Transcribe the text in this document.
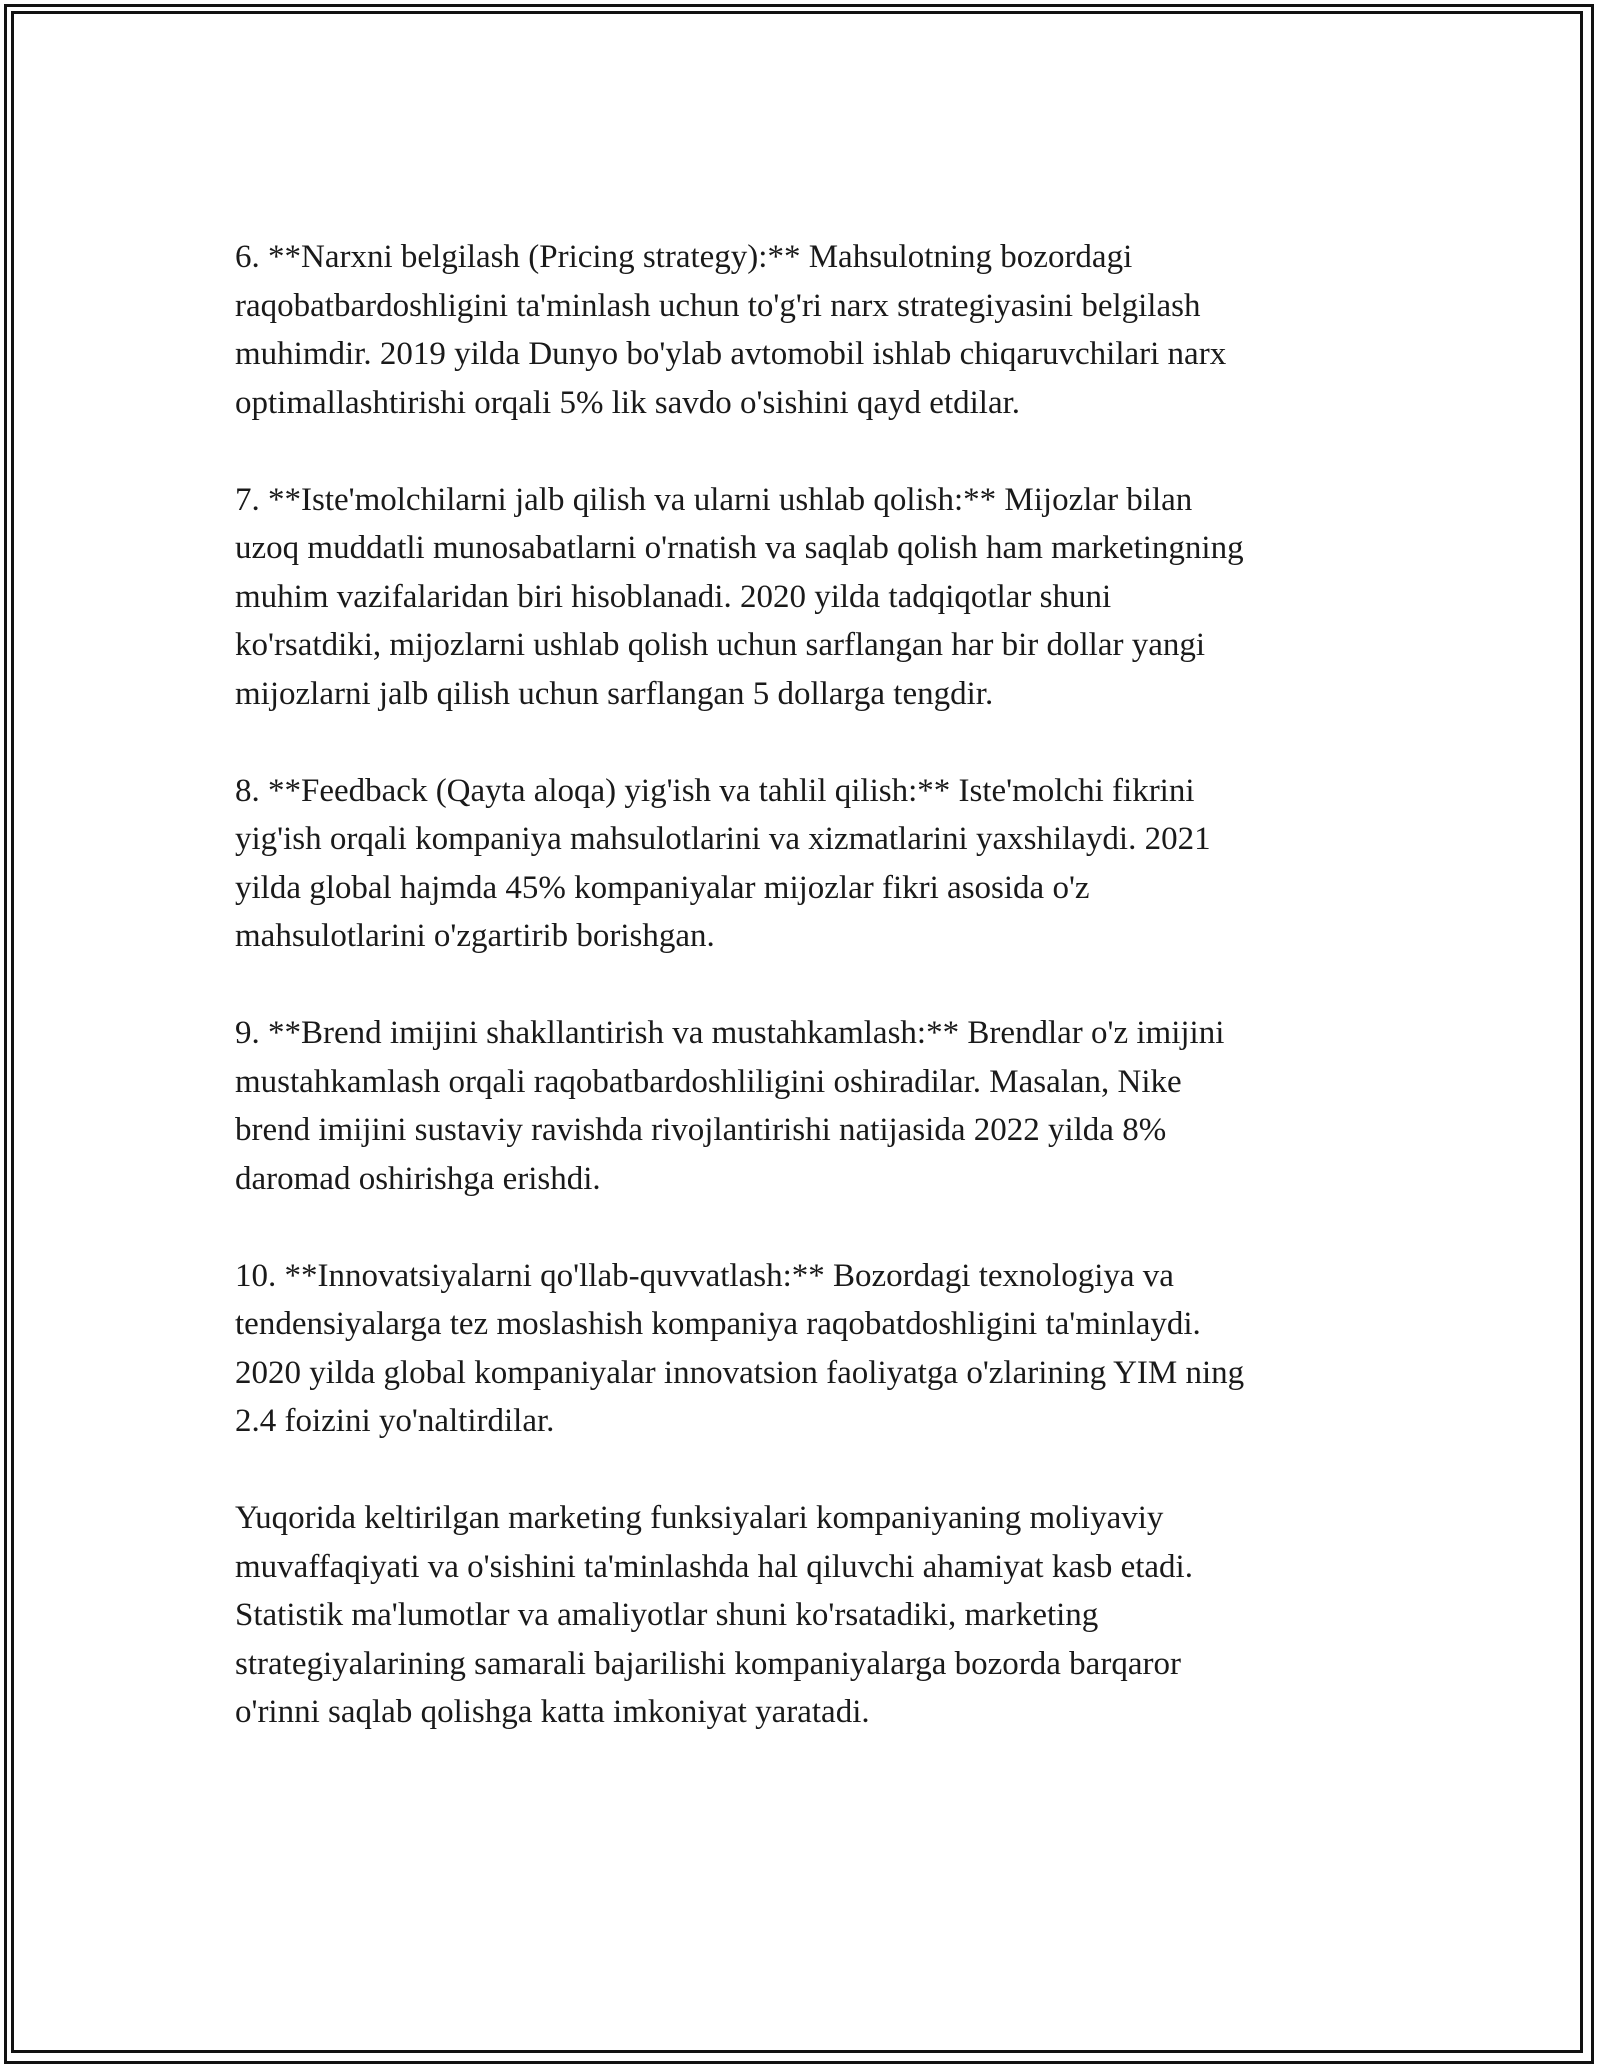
6. **Narxni belgilash (Pricing strategy):** Mahsulotning bozordagi
raqobatbardoshligini ta'minlash uchun to'g'ri narx strategiyasini belgilash
muhimdir. 2019 yilda Dunyo bo'ylab avtomobil ishlab chiqaruvchilari narx
optimallashtirishi orqali 5% lik savdo o'sishini qayd etdilar.

7. **Iste'molchilarni jalb qilish va ularni ushlab qolish:** Mijozlar bilan
uzoq muddatli munosabatlarni o'rnatish va saqlab qolish ham marketingning
muhim vazifalaridan biri hisoblanadi. 2020 yilda tadqiqotlar shuni
ko'rsatdiki, mijozlarni ushlab qolish uchun sarflangan har bir dollar yangi
mijozlarni jalb qilish uchun sarflangan 5 dollarga tengdir.

8. **Feedback (Qayta aloqa) yig'ish va tahlil qilish:** Iste'molchi fikrini
yig'ish orqali kompaniya mahsulotlarini va xizmatlarini yaxshilaydi. 2021
yilda global hajmda 45% kompaniyalar mijozlar fikri asosida o'z
mahsulotlarini o'zgartirib borishgan.

9. **Brend imijini shakllantirish va mustahkamlash:** Brendlar o'z imijini
mustahkamlash orqali raqobatbardoshliligini oshiradilar. Masalan, Nike
brend imijini sustaviy ravishda rivojlantirishi natijasida 2022 yilda 8%
daromad oshirishga erishdi.

10. **Innovatsiyalarni qo'llab-quvvatlash:** Bozordagi texnologiya va
tendensiyalarga tez moslashish kompaniya raqobatdoshligini ta'minlaydi.
2020 yilda global kompaniyalar innovatsion faoliyatga o'zlarining YIM ning
2.4 foizini yo'naltirdilar.

Yuqorida keltirilgan marketing funksiyalari kompaniyaning moliyaviy
muvaffaqiyati va o'sishini ta'minlashda hal qiluvchi ahamiyat kasb etadi.
Statistik ma'lumotlar va amaliyotlar shuni ko'rsatadiki, marketing
strategiyalarining samarali bajarilishi kompaniyalarga bozorda barqaror
o'rinni saqlab qolishga katta imkoniyat yaratadi.
